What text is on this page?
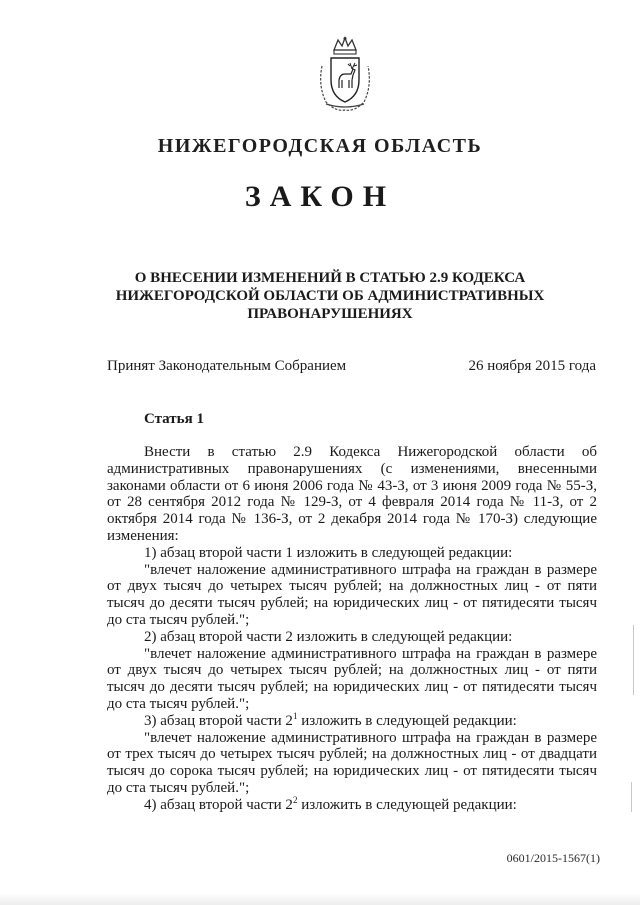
НИЖЕГОРОДСКАЯ ОБЛАСТЬ
ЗАКОН
О ВНЕСЕНИИ ИЗМЕНЕНИЙ В СТАТЬЮ 2.9 КОДЕКСА
НИЖЕГОРОДСКОЙ ОБЛАСТИ ОБ АДМИНИСТРАТИВНЫХ
ПРАВОНАРУШЕНИЯХ
Принят Законодательным Собранием	26 ноября 2015 года
Статья 1

Внести в статью 2.9 Кодекса Нижегородской области об административных правонарушениях (с изменениями, внесенными законами области от 6 июня 2006 года № 43-З, от 3 июня 2009 года № 55-З, от 28 сентября 2012 года № 129-З, от 4 февраля 2014 года № 11-З, от 2 октября 2014 года № 136-З, от 2 декабря 2014 года № 170-З) следующие изменения:

1) абзац второй части 1 изложить в следующей редакции:

"влечет наложение административного штрафа на граждан в размере от двух тысяч до четырех тысяч рублей; на должностных лиц - от пяти тысяч до десяти тысяч рублей; на юридических лиц - от пятидесяти тысяч до ста тысяч рублей.";

2) абзац второй части 2 изложить в следующей редакции:

"влечет наложение административного штрафа на граждан в размере от двух тысяч до четырех тысяч рублей; на должностных лиц - от пяти тысяч до десяти тысяч рублей; на юридических лиц - от пятидесяти тысяч до ста тысяч рублей.";

3) абзац второй части $2^1$ изложить в следующей редакции:

"влечет наложение административного штрафа на граждан в размере от трех тысяч до четырех тысяч рублей; на должностных лиц - от двадцати тысяч до сорока тысяч рублей; на юридических лиц - от пятидесяти тысяч до ста тысяч рублей.";

4) абзац второй части $2^2$ изложить в следующей редакции:

0601/2015-1567(1)
